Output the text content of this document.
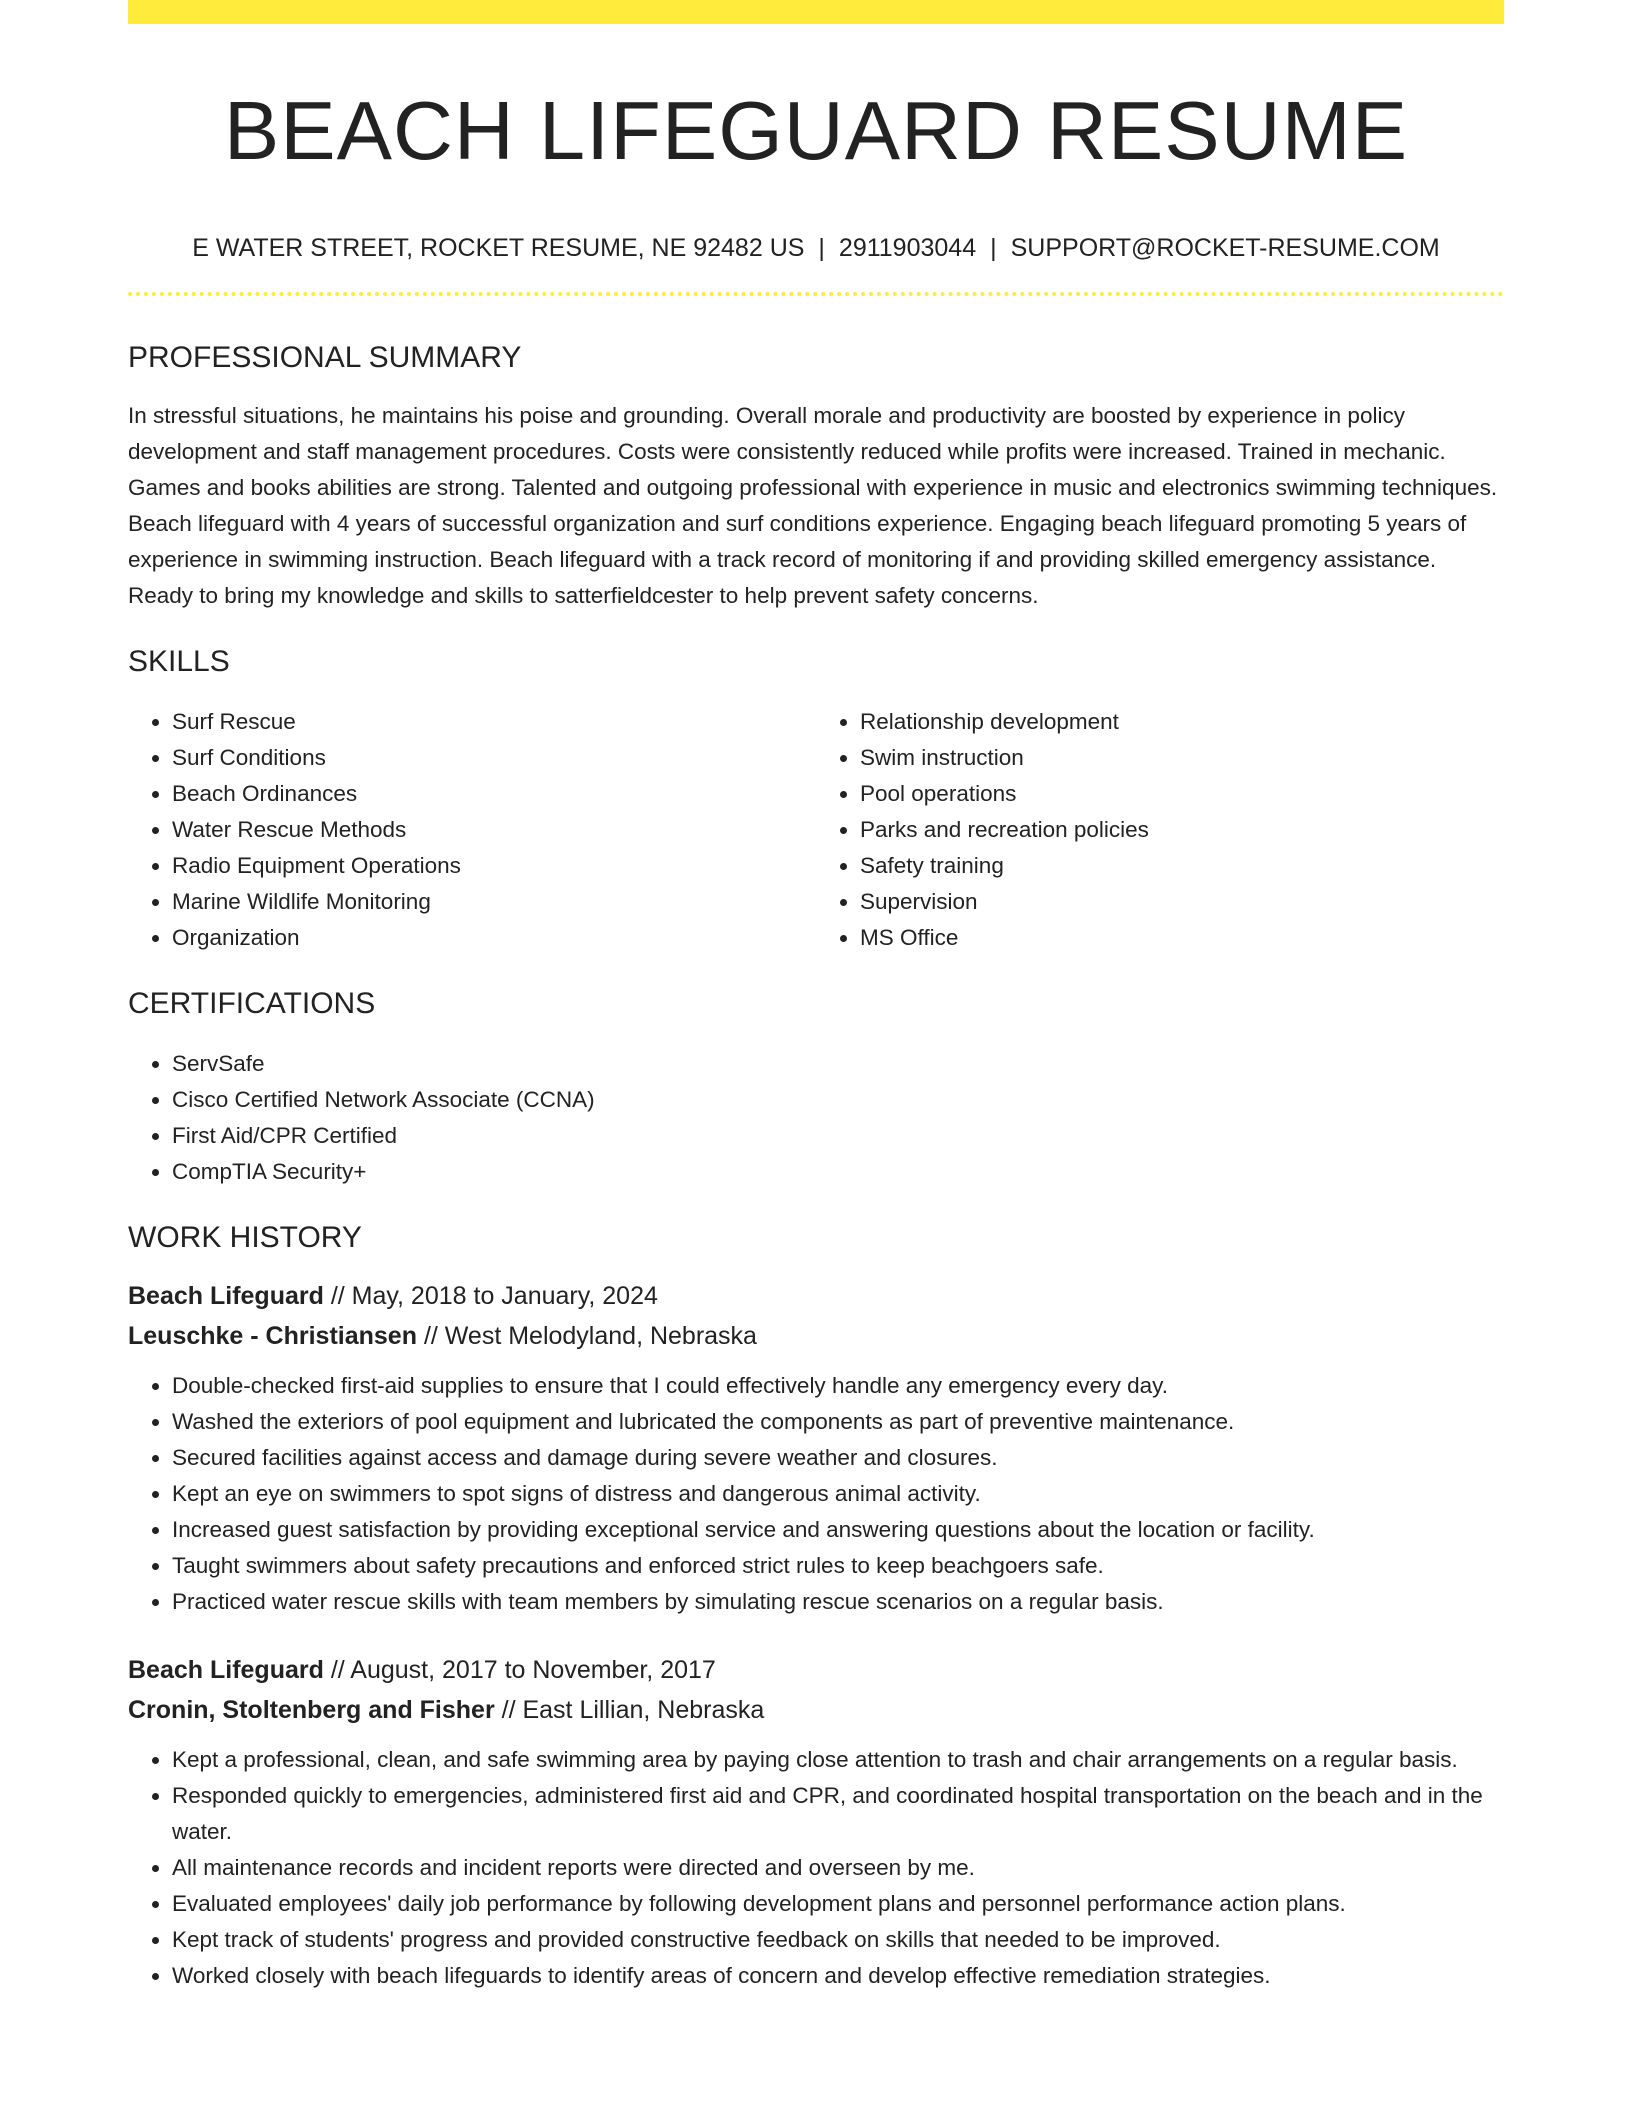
BEACH LIFEGUARD RESUME
E WATER STREET, ROCKET RESUME, NE 92482 US | 2911903044 | SUPPORT@ROCKET-RESUME.COM
PROFESSIONAL SUMMARY

In stressful situations, he maintains his poise and grounding. Overall morale and productivity are boosted by experience in policy development and staff management procedures. Costs were consistently reduced while profits were increased. Trained in mechanic. Games and books abilities are strong. Talented and outgoing professional with experience in music and electronics swimming techniques. Beach lifeguard with 4 years of successful organization and surf conditions experience. Engaging beach lifeguard promoting 5 years of experience in swimming instruction. Beach lifeguard with a track record of monitoring if and providing skilled emergency assistance. Ready to bring my knowledge and skills to satterfieldcester to help prevent safety concerns.

SKILLS
• Surf Rescue
• Surf Conditions
• Beach Ordinances
• Water Rescue Methods
• Radio Equipment Operations
• Marine Wildlife Monitoring
• Organization
• Relationship development
• Swim instruction
• Pool operations
• Parks and recreation policies
• Safety training
• Supervision
• MS Office
CERTIFICATIONS
• ServSafe
• Cisco Certified Network Associate (CCNA)
• First Aid/CPR Certified
• CompTIA Security+
WORK HISTORY
Beach Lifeguard // May, 2018 to January, 2024
Leuschke - Christiansen // West Melodyland, Nebraska
• Double-checked first-aid supplies to ensure that I could effectively handle any emergency every day.
• Washed the exteriors of pool equipment and lubricated the components as part of preventive maintenance.
• Secured facilities against access and damage during severe weather and closures.
• Kept an eye on swimmers to spot signs of distress and dangerous animal activity.
• Increased guest satisfaction by providing exceptional service and answering questions about the location or facility.
• Taught swimmers about safety precautions and enforced strict rules to keep beachgoers safe.
• Practiced water rescue skills with team members by simulating rescue scenarios on a regular basis.
Beach Lifeguard // August, 2017 to November, 2017
Cronin, Stoltenberg and Fisher // East Lillian, Nebraska
• Kept a professional, clean, and safe swimming area by paying close attention to trash and chair arrangements on a regular basis.
• Responded quickly to emergencies, administered first aid and CPR, and coordinated hospital transportation on the beach and in the water.
• All maintenance records and incident reports were directed and overseen by me.
• Evaluated employees' daily job performance by following development plans and personnel performance action plans.
• Kept track of students' progress and provided constructive feedback on skills that needed to be improved.
• Worked closely with beach lifeguards to identify areas of concern and develop effective remediation strategies.
